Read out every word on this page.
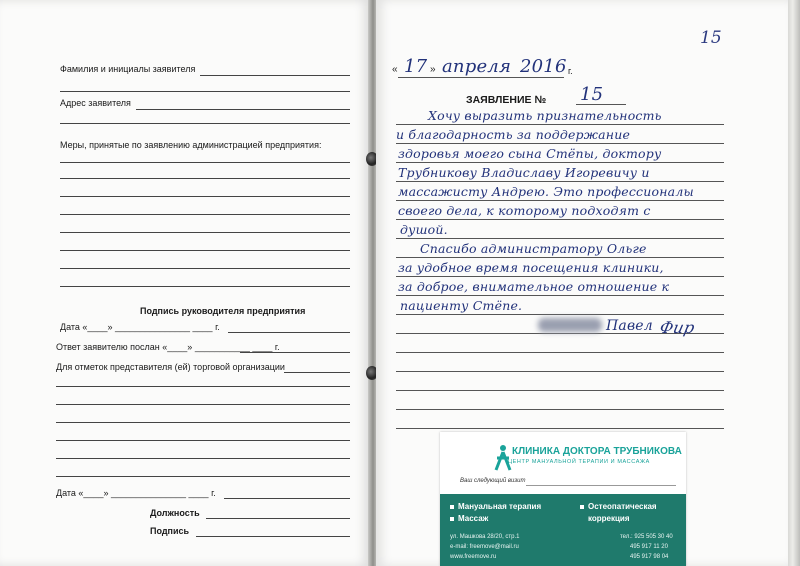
Фамилия и инициалы заявителя
Адрес заявителя
Меры, принятые по заявлению администрацией предприятия:
Подпись руководителя предприятия
Дата «____» _______________ ____ г.
Ответ заявителю послан «____» ___________ ____ г.
Для отметок представителя (ей) торговой организации
Дата «____» _______________ ____ г.
Должность
Подпись
15
« 17 » апреля 2016 г.
ЗАЯВЛЕНИЕ № 15
Хочу выразить признательность
и благодарность за поддержание
здоровья моего сына Стёпы, доктору
Трубникову Владиславу Игоревичу и
массажисту Андрею. Это профессионалы
своего дела, к которому подходят с
душой.
Спасибо администратору Ольге
за удобное время посещения клиники,
за доброе, внимательное отношение к
пациенту Стёпе.
Павел Фир
КЛИНИКА ДОКТОРА ТРУБНИКОВА
ЦЕНТР МАНУАЛЬНОЙ ТЕРАПИИ И МАССАЖА
Ваш следующий визит
Мануальная терапия
Массаж
Остеопатическая
коррекция
ул. Машкова 28/20, стр.1
e-mail: freemove@mail.ru
www.freemove.ru
тел.: 925 505 30 40
495 917 11 20
495 917 98 04
